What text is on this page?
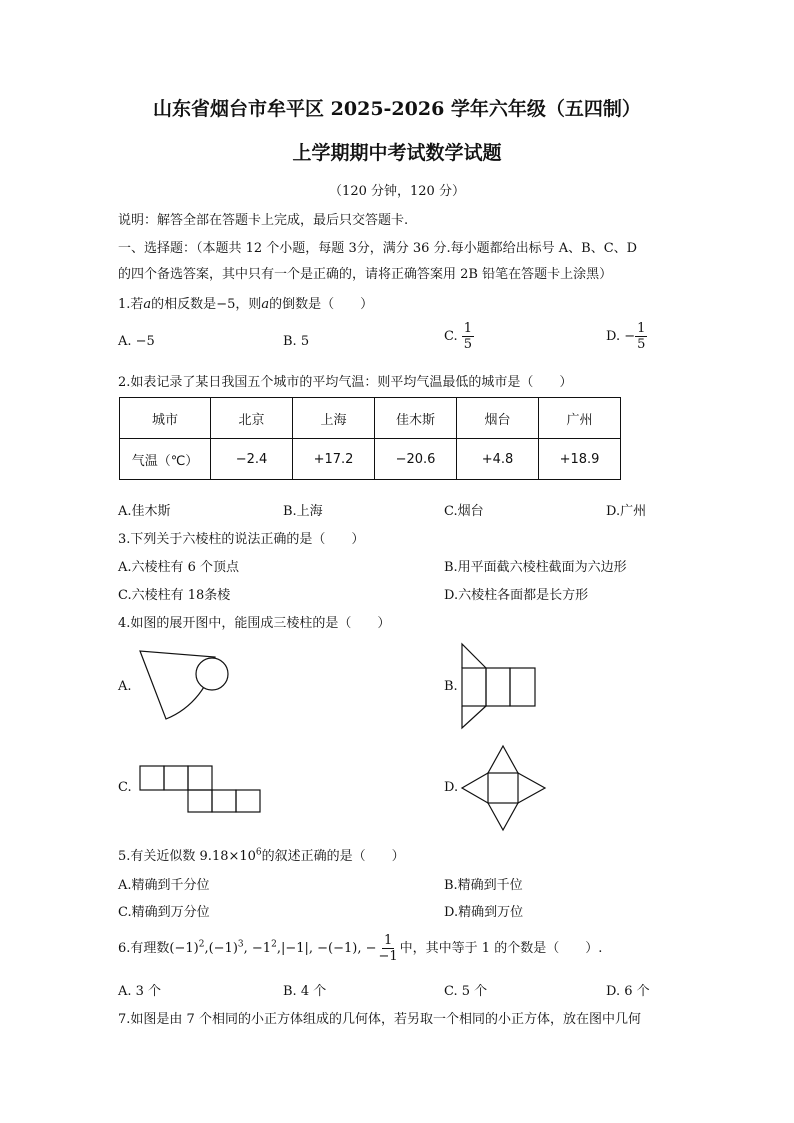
山东省烟台市牟平区 2025-2026 学年六年级（五四制）
上学期期中考试数学试题
（120 分钟，120 分）
说明：解答全部在答题卡上完成，最后只交答题卡.
一、选择题：（本题共 12 个小题，每题 3分，满分 36 分.每小题都给出标号 A、B、C、D
的四个备选答案，其中只有一个是正确的，请将正确答案用 2B 铅笔在答题卡上涂黑）
1.若a的相反数是−5，则a的倒数是（　　）
A. −5	B. 5	C. $\frac{1}{5}$	D. − $\frac{1}{5}$
2.如表记录了某日我国五个城市的平均气温：则平均气温最低的城市是（　　）
城市	北京	上海	佳木斯	烟台	广州
气温（℃）	−2.4	+17.2	−20.6	+4.8	+18.9
A.佳木斯	B.上海	C.烟台	D.广州
3.下列关于六棱柱的说法正确的是（　　）
A.六棱柱有 6 个顶点	B.用平面截六棱柱截面为六边形
C.六棱柱有 18条棱	D.六棱柱各面都是长方形
4.如图的展开图中，能围成三棱柱的是（　　）
A.	B.
C.	D.
5.有关近似数 $9.18\times 10^6$的叙述正确的是（　　）
A.精确到千分位	B.精确到千位
C.精确到万分位	D.精确到万位
6.有理数$(-1)^2,(-1)^3$, $-1^2,|-1|$, −(−1), − $\frac{1}{-1}$ 中，其中等于 1 的个数是（　　）.
A. 3 个	B. 4 个	C. 5 个	D. 6 个
7.如图是由 7 个相同的小正方体组成的几何体，若另取一个相同的小正方体，放在图中几何
